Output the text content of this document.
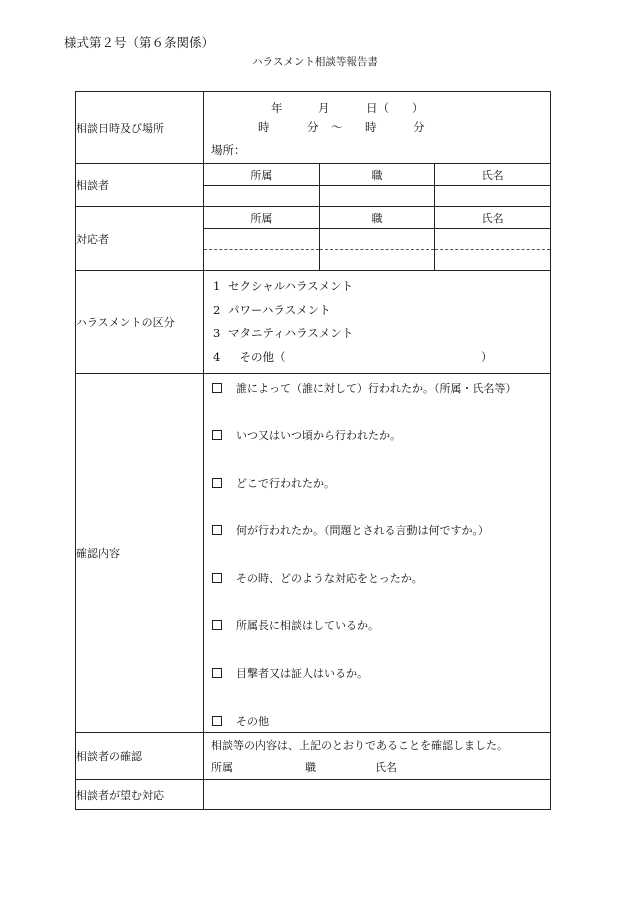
様式第２号（第６条関係）
ハラスメント相談等報告書
相談日時及び場所	
年	月	日（　　）
時	分 ～ 時	分
場所：

相談者	
所属	職	氏名

対応者	
所属	職	氏名

ハラスメントの区分	
1 セクシャルハラスメント
2 パワーハラスメント
3 マタニティハラスメント
4　その他（　　　　　　　　　　　　　　　　　）

確認内容	
誰によって（誰に対して）行われたか。（所属・氏名等）
いつ又はいつ頃から行われたか。
どこで行われたか。
何が行われたか。（問題とされる言動は何ですか。）
その時、どのような対応をとったか。
所属長に相談はしているか。
目撃者又は証人はいるか。
その他

相談者の確認	
相談等の内容は、上記のとおりであることを確認しました。
所属	職	氏名

相談者が望む対応	
